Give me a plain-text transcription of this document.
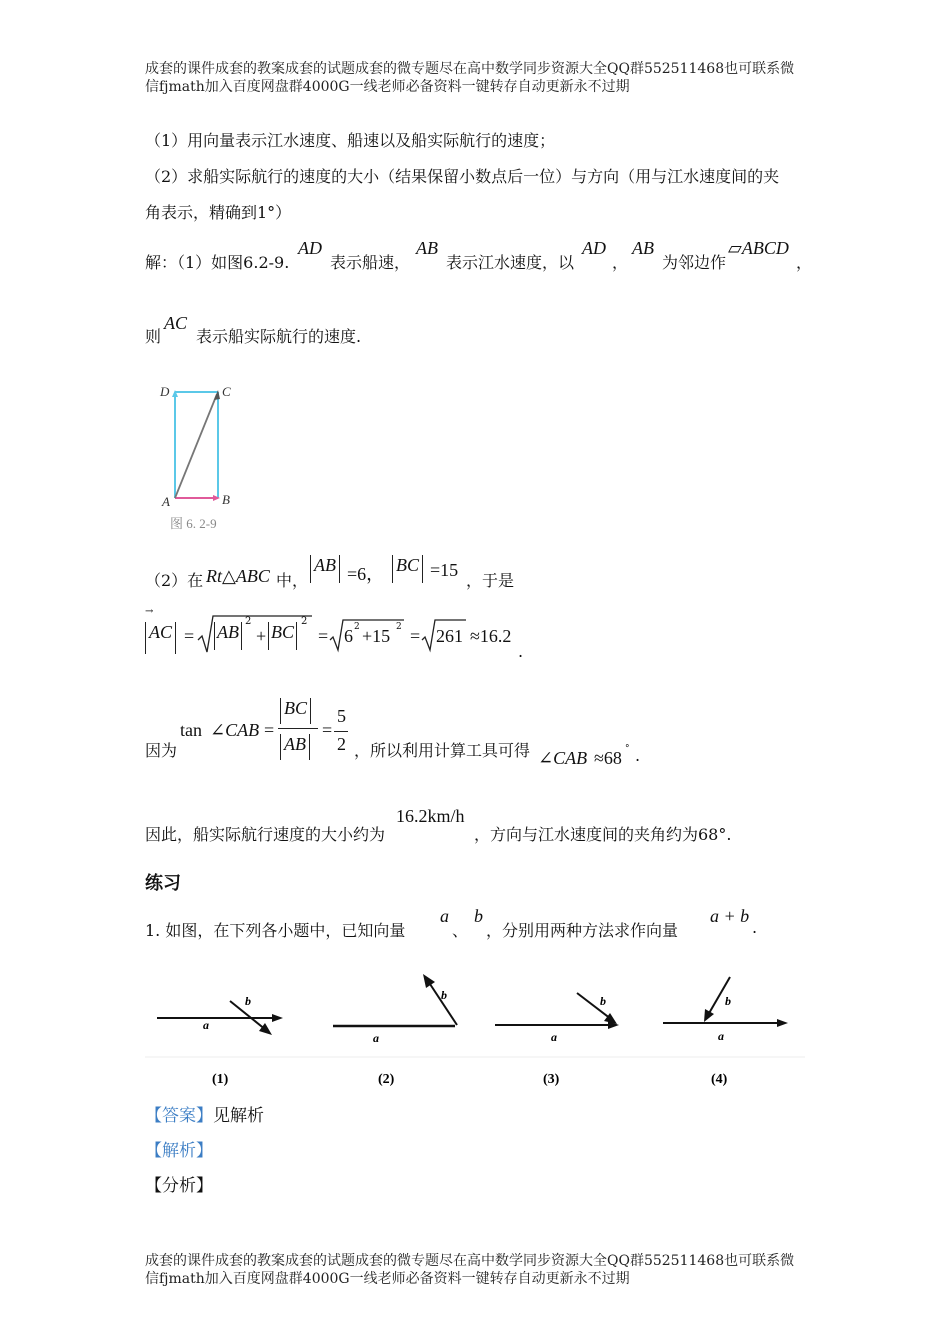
成套的课件成套的教案成套的试题成套的微专题尽在高中数学同步资源大全QQ群552511468也可联系微
信fjmath加入百度网盘群4000G一线老师必备资料一键转存自动更新永不过期
（1）用向量表示江水速度、船速以及船实际航行的速度；
（2）求船实际航行的速度的大小（结果保留小数点后一位）与方向（用与江水速度间的夹
角表示，精确到1°）
解：（1）如图6.2-9.
AD
表示船速，
AB
表示江水速度，以
AD
，
AB
为邻边作
▱ABCD
，
则
AC
表示船实际航行的速度.
D	C
A	B
图 6. 2-9
（2）在 Rt△ABC 中，
AB =6， BC =15
，于是
→
AC = AB
2
+ BC
2
= 6 2 +15 2 = 261 ≈16.2
.
因为
tan ∠CAB =
BC
AB
=
5
2 ，所以利用计算工具可得 ∠CAB ≈68 ° .
因此，船实际航行速度的大小约为
16.2km/h
，方向与江水速度间的夹角约为68°.
练习
1. 如图，在下列各小题中，已知向量
a
、
b
，分别用两种方法求作向量
a + b
.
a
b
(1)
a
b
(2)
a
b
(3)
a
b
(4)
【答案】见解析
【解析】
【分析】
成套的课件成套的教案成套的试题成套的微专题尽在高中数学同步资源大全QQ群552511468也可联系微
信fjmath加入百度网盘群4000G一线老师必备资料一键转存自动更新永不过期
